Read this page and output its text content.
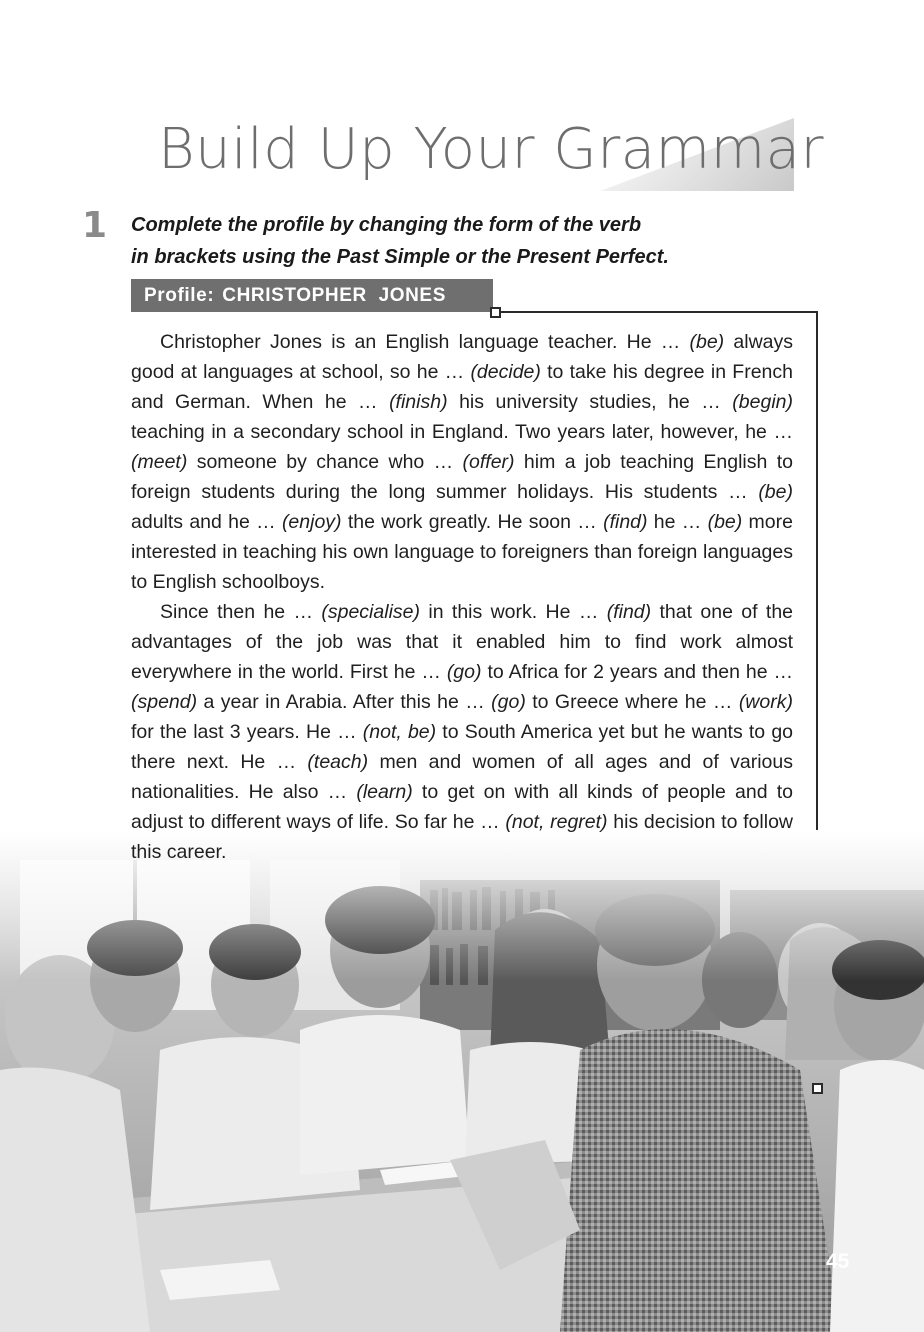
Build Up Your Grammar
1 Complete the profile by changing the form of the verb
in brackets using the Past Simple or the Present Perfect.
Profile: CHRISTOPHER  JONES

Christopher Jones is an English language teacher. He … (be) always good at languages at school, so he … (decide) to take his degree in French and German. When he … (finish) his university studies, he … (begin) teaching in a secondary school in England. Two years later, however, he … (meet) someone by chance who … (offer) him a job teaching English to foreign students during the long summer holidays. His students … (be) adults and he … (enjoy) the work greatly. He soon … (find) he … (be) more interested in teaching his own language to foreigners than foreign languages to English schoolboys.

Since then he … (specialise) in this work. He … (find) that one of the advantages of the job was that it enabled him to find work almost everywhere in the world. First he … (go) to Africa for 2 years and then he … (spend) a year in Arabia. After this he … (go) to Greece where he … (work) for the last 3 years. He … (not, be) to South America yet but he wants to go there next. He … (teach) men and women of all ages and of various nationalities. He also … (learn) to get on with all kinds of people and to adjust to different ways of life. So far he … (not, regret) his decision to follow this career.

45
